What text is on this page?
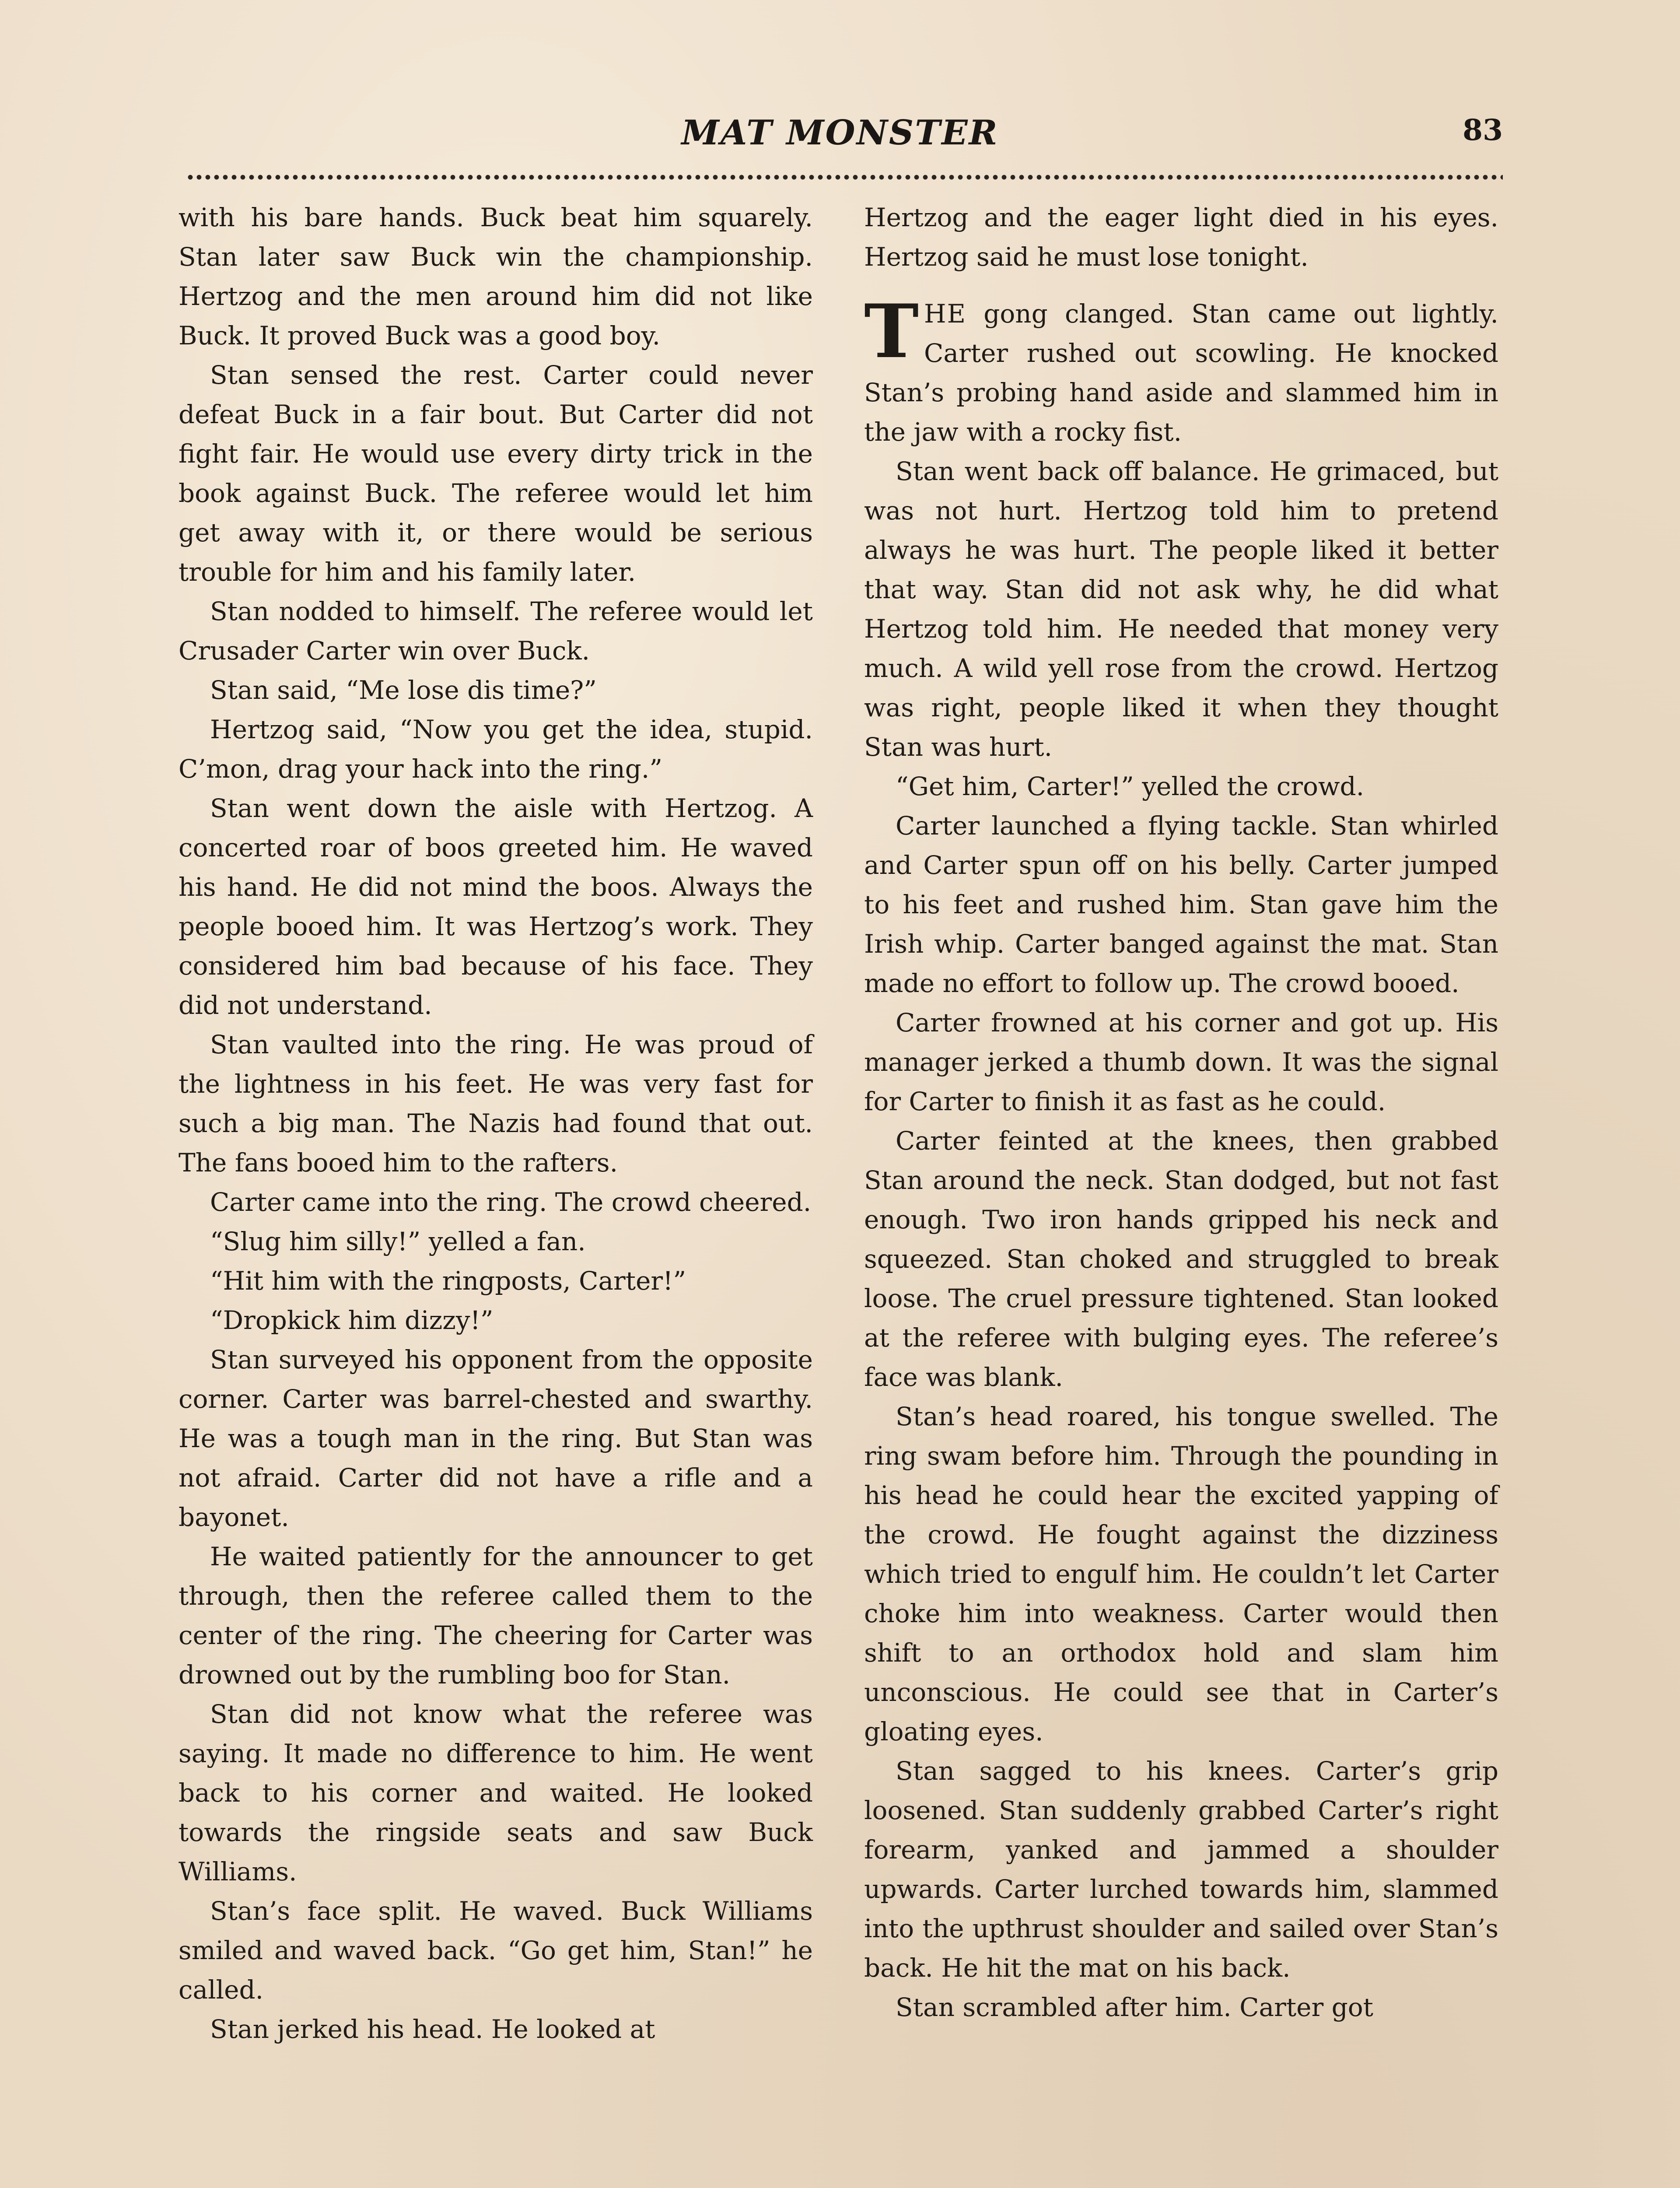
MAT MONSTER	83

with his bare hands. Buck beat him squarely. Stan later saw Buck win the championship. Hertzog and the men around him did not like Buck. It proved Buck was a good boy.

Stan sensed the rest. Carter could never defeat Buck in a fair bout. But Carter did not fight fair. He would use every dirty trick in the book against Buck. The referee would let him get away with it, or there would be serious trouble for him and his family later.

Stan nodded to himself. The referee would let Crusader Carter win over Buck.

Stan said, “Me lose dis time?”

Hertzog said, “Now you get the idea, stupid. C’mon, drag your hack into the ring.”

Stan went down the aisle with Hertzog. A concerted roar of boos greeted him. He waved his hand. He did not mind the boos. Always the people booed him. It was Hertzog’s work. They considered him bad because of his face. They did not understand.

Stan vaulted into the ring. He was proud of the lightness in his feet. He was very fast for such a big man. The Nazis had found that out. The fans booed him to the rafters.

Carter came into the ring. The crowd cheered.

“Slug him silly!” yelled a fan.

“Hit him with the ringposts, Carter!”

“Dropkick him dizzy!”

Stan surveyed his opponent from the opposite corner. Carter was barrel-chested and swarthy. He was a tough man in the ring. But Stan was not afraid. Carter did not have a rifle and a bayonet.

He waited patiently for the announcer to get through, then the referee called them to the center of the ring. The cheering for Carter was drowned out by the rumbling boo for Stan.

Stan did not know what the referee was saying. It made no difference to him. He went back to his corner and waited. He looked towards the ringside seats and saw Buck Williams.

Stan’s face split. He waved. Buck Williams smiled and waved back. “Go get him, Stan!” he called.

Stan jerked his head. He looked at

Hertzog and the eager light died in his eyes. Hertzog said he must lose tonight.

THE gong clanged. Stan came out lightly. Carter rushed out scowling. He knocked Stan’s probing hand aside and slammed him in the jaw with a rocky fist.

Stan went back off balance. He grimaced, but was not hurt. Hertzog told him to pretend always he was hurt. The people liked it better that way. Stan did not ask why, he did what Hertzog told him. He needed that money very much. A wild yell rose from the crowd. Hertzog was right, people liked it when they thought Stan was hurt.

“Get him, Carter!” yelled the crowd.

Carter launched a flying tackle. Stan whirled and Carter spun off on his belly. Carter jumped to his feet and rushed him. Stan gave him the Irish whip. Carter banged against the mat. Stan made no effort to follow up. The crowd booed.

Carter frowned at his corner and got up. His manager jerked a thumb down. It was the signal for Carter to finish it as fast as he could.

Carter feinted at the knees, then grabbed Stan around the neck. Stan dodged, but not fast enough. Two iron hands gripped his neck and squeezed. Stan choked and struggled to break loose. The cruel pressure tightened. Stan looked at the referee with bulging eyes. The referee’s face was blank.

Stan’s head roared, his tongue swelled. The ring swam before him. Through the pounding in his head he could hear the excited yapping of the crowd. He fought against the dizziness which tried to engulf him. He couldn’t let Carter choke him into weakness. Carter would then shift to an orthodox hold and slam him unconscious. He could see that in Carter’s gloating eyes.

Stan sagged to his knees. Carter’s grip loosened. Stan suddenly grabbed Carter’s right forearm, yanked and jammed a shoulder upwards. Carter lurched towards him, slammed into the upthrust shoulder and sailed over Stan’s back. He hit the mat on his back.

Stan scrambled after him. Carter got
